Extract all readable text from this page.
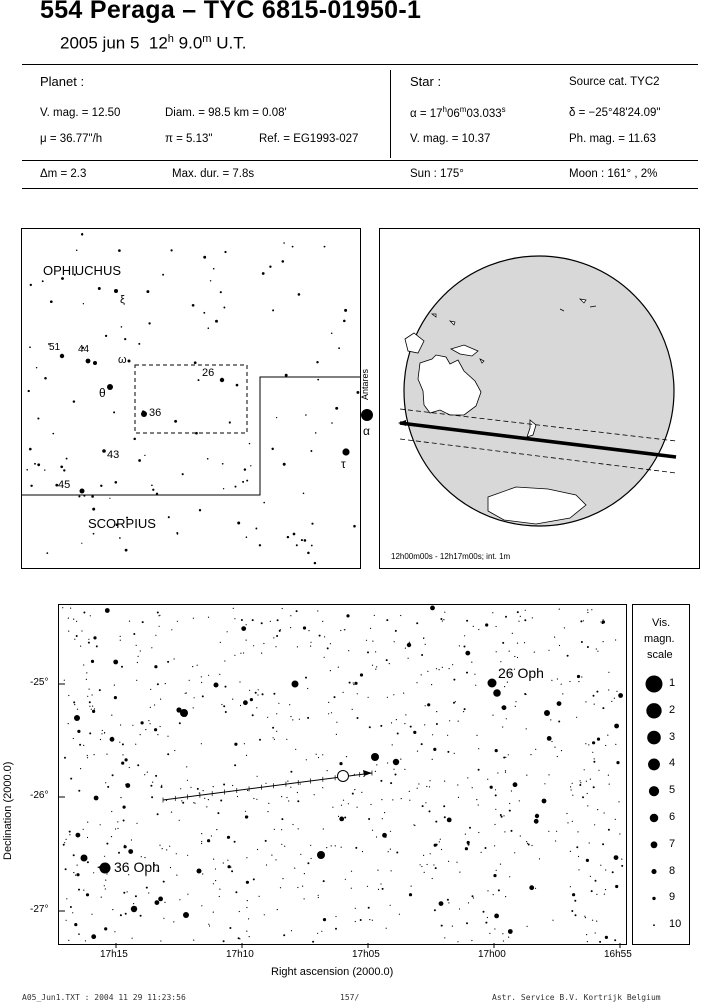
554 Peraga – TYC 6815-01950-1
2005 jun 5 12$^h$ 9.0$^m$ U.T.
Planet :
V. mag. = 12.50	Diam. = 98.5 km = 0.08'
μ = 36.77"/h	π = 5.13"	Ref. = EG1993-027
Star :	Source cat. TYC2
$\alpha = 17^h06^m03.033^s$	δ = −25°48'24.09"
V. mag. = 10.37	Ph. mag. = 11.63
Δm = 2.3	Max. dur. = 7.8s	Sun : 175°	Moon : 161° , 2%
OPHIUCHUS
SCORPIUS
51 44
ω
θ
26
36
43
45
ξ
τ
α
Antares
12h00m00s - 12h17m00s; int. 1m
26 Oph
36 Oph
-25°
-26°
-27°
17h15	17h10	17h05	17h00	16h55
Right ascension (2000.0)
Declination (2000.0)
Vis.
magn.
scale
1
2
3
4
5
6
7
8
9
10
A05_Jun1.TXT : 2004 11 29 11:23:56	157/	Astr. Service B.V. Kortrijk Belgium
